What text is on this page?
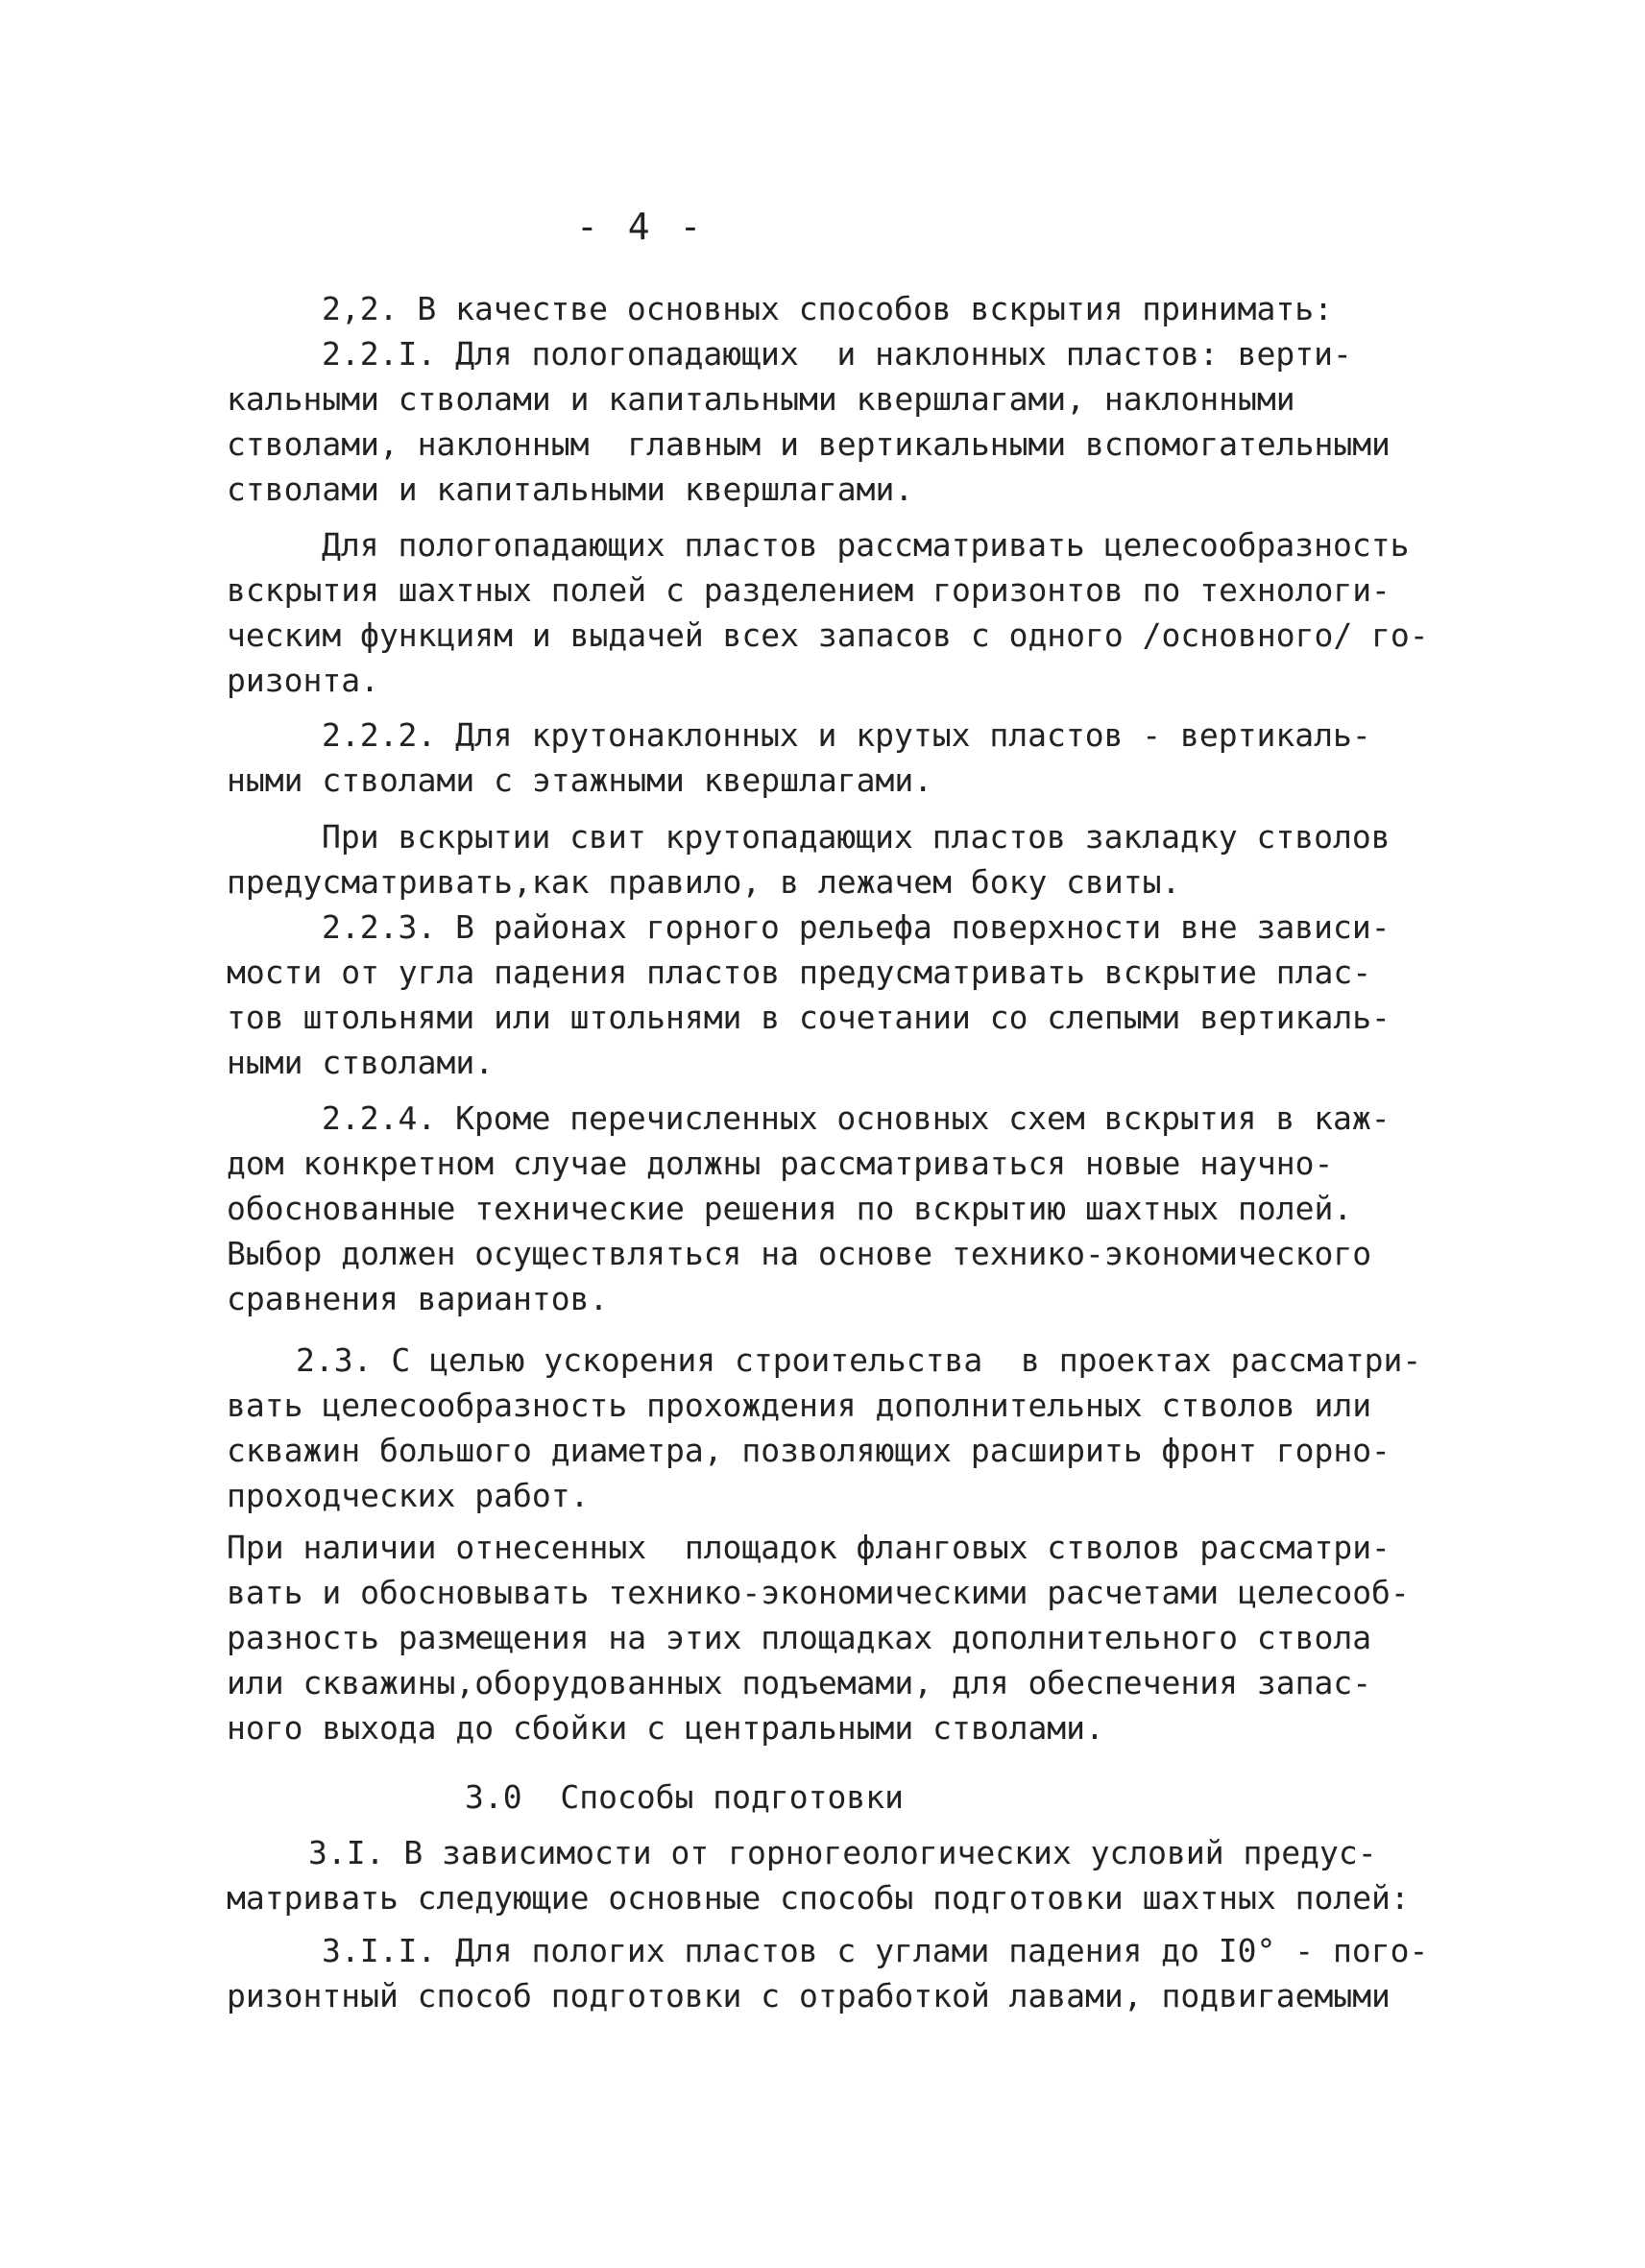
- 4 -
2,2. В качестве основных способов вскрытия принимать:
2.2.I. Для пологопадающих  и наклонных пластов: верти-
кальными стволами и капитальными квершлагами, наклонными
стволами, наклонным  главным и вертикальными вспомогательными
стволами и капитальными квершлагами.
Для пологопадающих пластов рассматривать целесообразность
вскрытия шахтных полей с разделением горизонтов по технологи-
ческим функциям и выдачей всех запасов с одного /основного/ го-
ризонта.
2.2.2. Для крутонаклонных и крутых пластов - вертикаль-
ными стволами с этажными квершлагами.
При вскрытии свит крутопадающих пластов закладку стволов
предусматривать,как правило, в лежачем боку свиты.
2.2.3. В районах горного рельефа поверхности вне зависи-
мости от угла падения пластов предусматривать вскрытие плас-
тов штольнями или штольнями в сочетании со слепыми вертикаль-
ными стволами.
2.2.4. Кроме перечисленных основных схем вскрытия в каж-
дом конкретном случае должны рассматриваться новые научно-
обоснованные технические решения по вскрытию шахтных полей.
Выбор должен осуществляться на основе технико-экономического
сравнения вариантов.
2.3. С целью ускорения строительства  в проектах рассматри-
вать целесообразность прохождения дополнительных стволов или
скважин большого диаметра, позволяющих расширить фронт горно-
проходческих работ.
При наличии отнесенных  площадок фланговых стволов рассматри-
вать и обосновывать технико-экономическими расчетами целесооб-
разность размещения на этих площадках дополнительного ствола
или скважины,оборудованных подъемами, для обеспечения запас-
ного выхода до сбойки с центральными стволами.
3.0  Способы подготовки
3.I. В зависимости от горногеологических условий предус-
матривать следующие основные способы подготовки шахтных полей:
3.I.I. Для пологих пластов с углами падения до I0° - пого-
ризонтный способ подготовки с отработкой лавами, подвигаемыми
